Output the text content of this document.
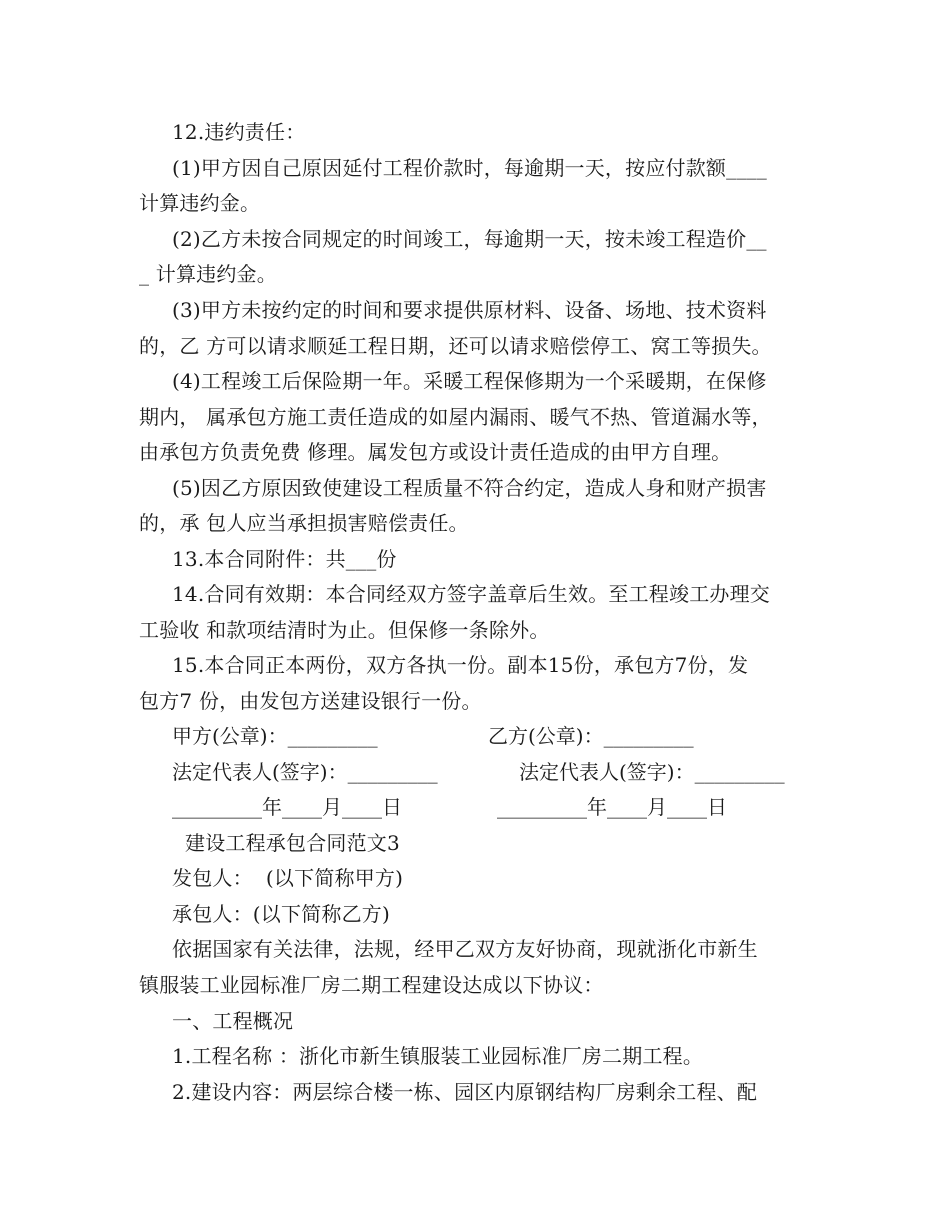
12.违约责任：
(1)甲方因自己原因延付工程价款时，每逾期一天，按应付款额____
计算违约金。
(2)乙方未按合同规定的时间竣工，每逾期一天，按未竣工程造价__
_ 计算违约金。
(3)甲方未按约定的时间和要求提供原材料、设备、场地、技术资料
的，乙 方可以请求顺延工程日期，还可以请求赔偿停工、窝工等损失。
(4)工程竣工后保险期一年。采暖工程保修期为一个采暖期，在保修
期内， 属承包方施工责任造成的如屋内漏雨、暖气不热、管道漏水等，
由承包方负责免费 修理。属发包方或设计责任造成的由甲方自理。
(5)因乙方原因致使建设工程质量不符合约定，造成人身和财产损害
的，承 包人应当承担损害赔偿责任。
13.本合同附件：共___份
14.合同有效期：本合同经双方签字盖章后生效。至工程竣工办理交
工验收 和款项结清时为止。但保修一条除外。
15.本合同正本两份，双方各执一份。副本15份，承包方7份，发
包方7 份，由发包方送建设银行一份。
甲方(公章)：_________	乙方(公章)：_________
法定代表人(签字)：_________	法定代表人(签字)：_________
_________年____月____日	_________年____月____日
建设工程承包合同范文3
发包人：  (以下简称甲方)
承包人：(以下简称乙方)
依据国家有关法律，法规，经甲乙双方友好协商，现就浙化市新生
镇服装工业园标准厂房二期工程建设达成以下协议：
一、工程概况
1.工程名称 ：浙化市新生镇服装工业园标准厂房二期工程。
2.建设内容：两层综合楼一栋、园区内原钢结构厂房剩余工程、配
